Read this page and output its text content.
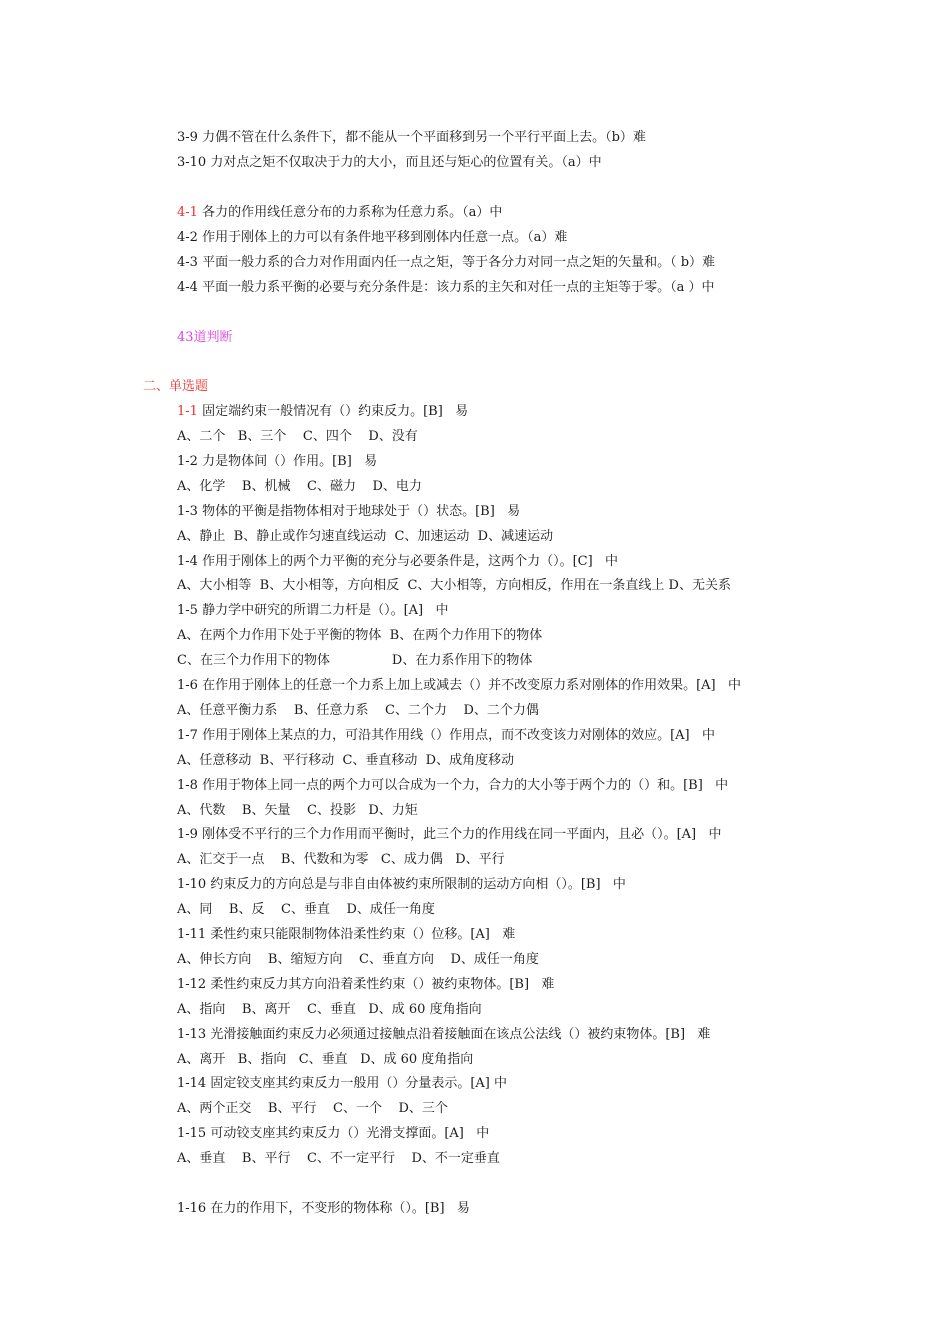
3-9 力偶不管在什么条件下，都不能从一个平面移到另一个平行平面上去。（b）难
3-10 力对点之矩不仅取决于力的大小，而且还与矩心的位置有关。（a）中
4-1 各力的作用线任意分布的力系称为任意力系。（a）中
4-2 作用于刚体上的力可以有条件地平移到刚体内任意一点。（a）难
4-3 平面一般力系的合力对作用面内任一点之矩，等于各分力对同一点之矩的矢量和。（ b）难
4-4 平面一般力系平衡的必要与充分条件是：该力系的主矢和对任一点的主矩等于零。（a ）中
43道判断
二、单选题
1-1 固定端约束一般情况有（）约束反力。[B]   易
A、二个   B、三个    C、四个    D、没有
1-2 力是物体间（）作用。[B]   易
A、化学    B、机械    C、磁力    D、电力
1-3 物体的平衡是指物体相对于地球处于（）状态。[B]   易
A、静止  B、静止或作匀速直线运动  C、加速运动  D、减速运动
1-4 作用于刚体上的两个力平衡的充分与必要条件是，这两个力（）。[C]   中
A、大小相等  B、大小相等，方向相反  C、大小相等，方向相反，作用在一条直线上 D、无关系
1-5 静力学中研究的所谓二力杆是（）。[A]   中
A、在两个力作用下处于平衡的物体  B、在两个力作用下的物体
C、在三个力作用下的物体               D、在力系作用下的物体
1-6 在作用于刚体上的任意一个力系上加上或减去（）并不改变原力系对刚体的作用效果。[A]   中
A、任意平衡力系    B、任意力系    C、二个力    D、二个力偶
1-7 作用于刚体上某点的力，可沿其作用线（）作用点，而不改变该力对刚体的效应。[A]   中
A、任意移动  B、平行移动  C、垂直移动  D、成角度移动
1-8 作用于物体上同一点的两个力可以合成为一个力，合力的大小等于两个力的（）和。[B]   中
A、代数    B、矢量    C、投影   D、力矩
1-9 刚体受不平行的三个力作用而平衡时，此三个力的作用线在同一平面内，且必（）。[A]   中
A、汇交于一点    B、代数和为零   C、成力偶   D、平行
1-10 约束反力的方向总是与非自由体被约束所限制的运动方向相（）。[B]   中
A、同    B、反    C、垂直    D、成任一角度
1-11 柔性约束只能限制物体沿柔性约束（）位移。[A]   难
A、伸长方向    B、缩短方向    C、垂直方向    D、成任一角度
1-12 柔性约束反力其方向沿着柔性约束（）被约束物体。[B]   难
A、指向    B、离开    C、垂直   D、成 60 度角指向
1-13 光滑接触面约束反力必须通过接触点沿着接触面在该点公法线（）被约束物体。[B]   难
A、离开   B、指向   C、垂直   D、成 60 度角指向
1-14 固定铰支座其约束反力一般用（）分量表示。[A] 中
A、两个正交    B、平行    C、一个    D、三个
1-15 可动铰支座其约束反力（）光滑支撑面。[A]   中
A、垂直    B、平行    C、不一定平行    D、不一定垂直
1-16 在力的作用下，不变形的物体称（）。[B]   易
